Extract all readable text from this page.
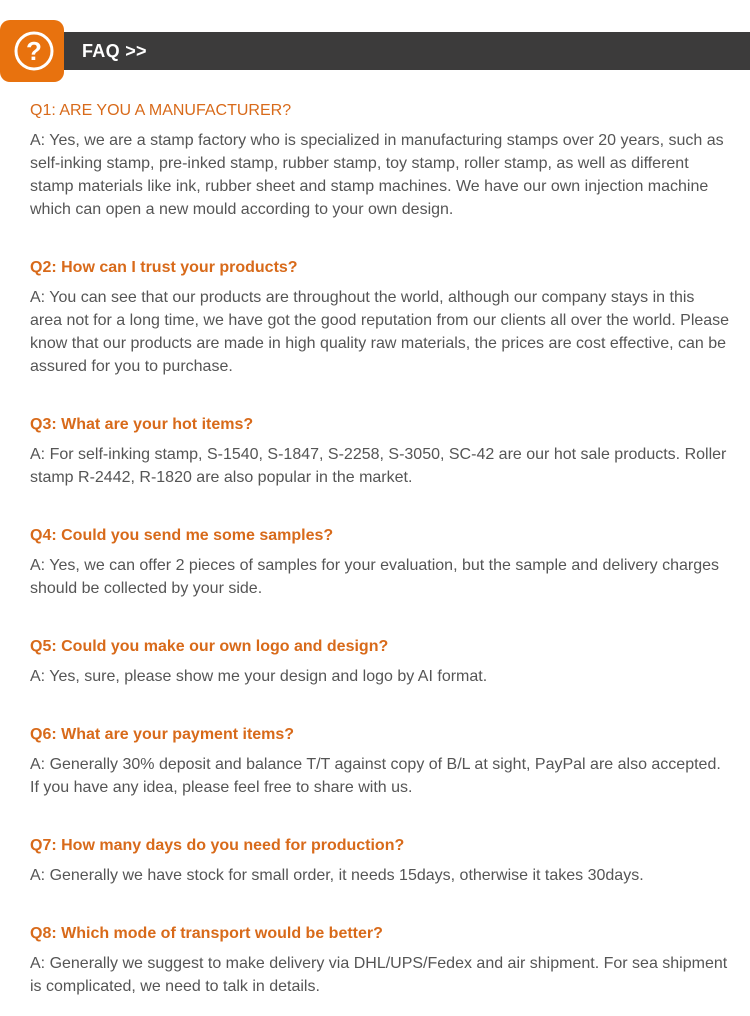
? FAQ >>
Q1: ARE YOU A MANUFACTURER?

A: Yes, we are a stamp factory who is specialized in manufacturing stamps over 20 years, such as self-inking stamp, pre-inked stamp, rubber stamp, toy stamp, roller stamp, as well as different stamp materials like ink, rubber sheet and stamp machines. We have our own injection machine which can open a new mould according to your own design.

Q2: How can I trust your products?

A: You can see that our products are throughout the world, although our company stays in this area not for a long time, we have got the good reputation from our clients all over the world. Please know that our products are made in high quality raw materials, the prices are cost effective, can be assured for you to purchase.

Q3: What are your hot items?

A: For self-inking stamp, S-1540, S-1847, S-2258, S-3050, SC-42 are our hot sale products. Roller stamp R-2442, R-1820 are also popular in the market.

Q4: Could you send me some samples?

A: Yes, we can offer 2 pieces of samples for your evaluation, but the sample and delivery charges should be collected by your side.

Q5: Could you make our own logo and design?

A: Yes, sure, please show me your design and logo by AI format.

Q6: What are your payment items?

A: Generally 30% deposit and balance T/T against copy of B/L at sight, PayPal are also accepted. If you have any idea, please feel free to share with us.

Q7: How many days do you need for production?

A: Generally we have stock for small order, it needs 15days, otherwise it takes 30days.

Q8: Which mode of transport would be better?

A: Generally we suggest to make delivery via DHL/UPS/Fedex and air shipment. For sea shipment is complicated, we need to talk in details.
